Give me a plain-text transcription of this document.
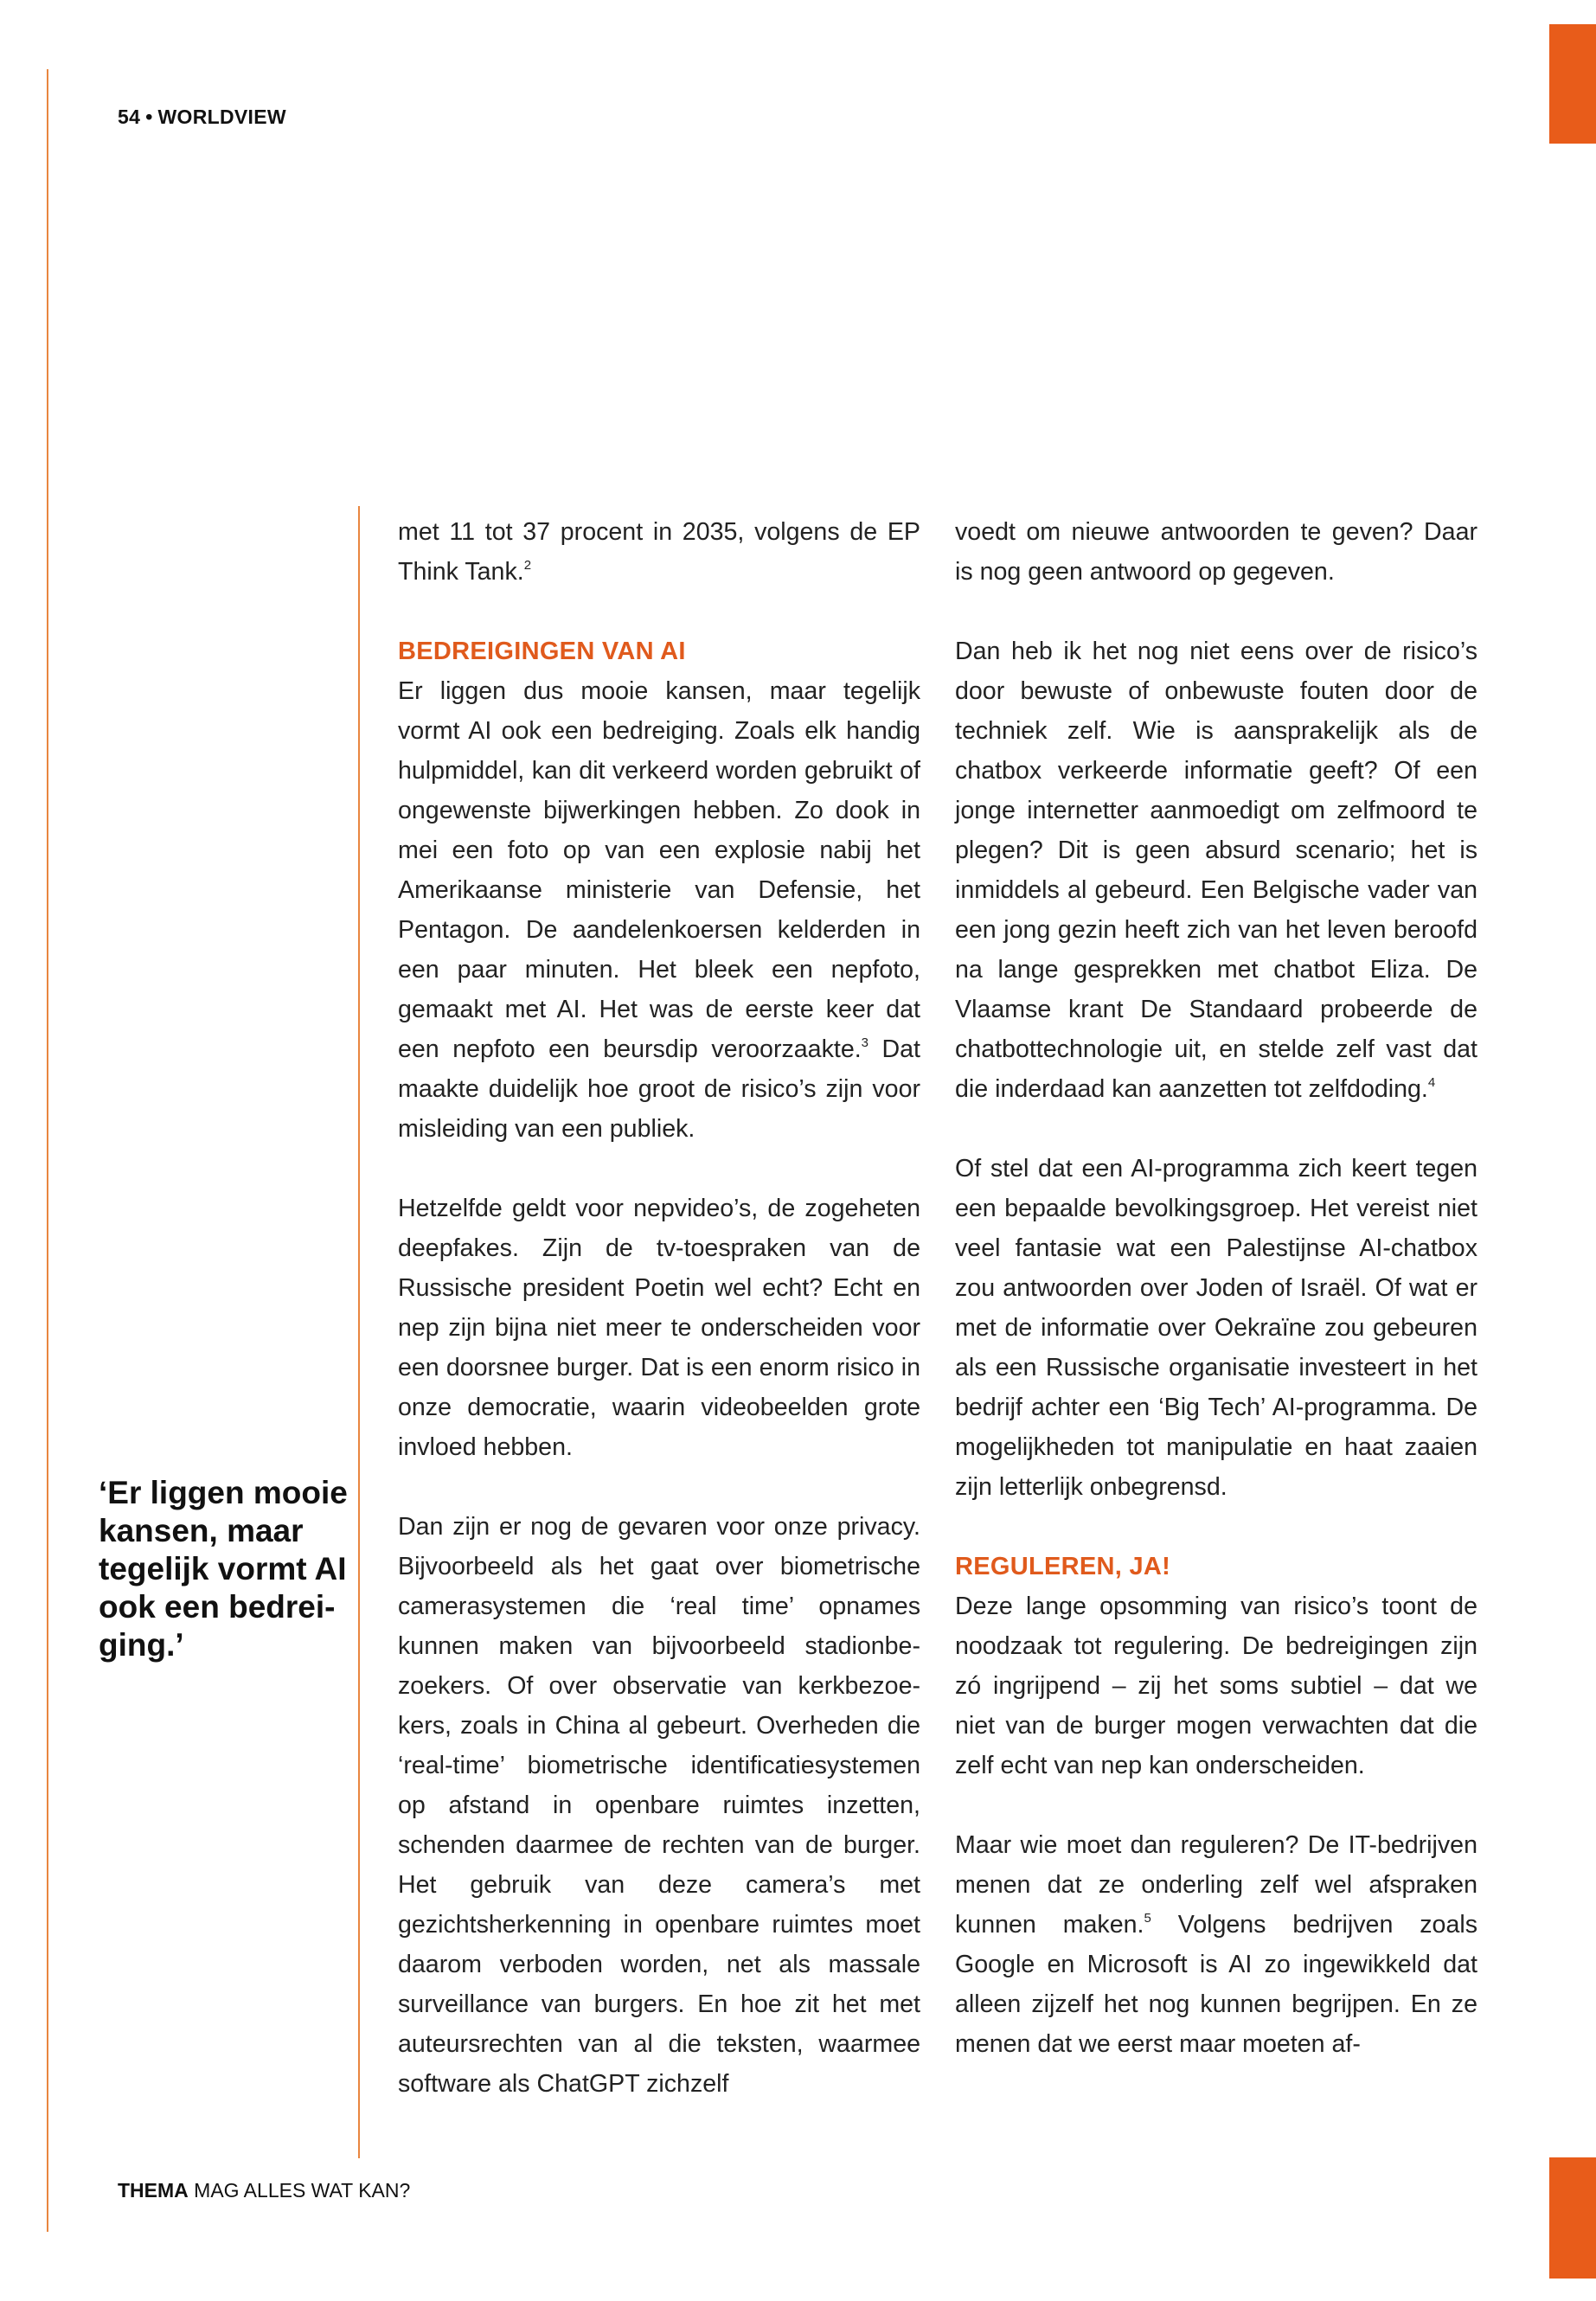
54 • WORLDVIEW
‘Er liggen mooie kansen, maar tegelijk vormt AI ook een bedreiging.’

met 11 tot 37 procent in 2035, volgens de EP Think Tank.$^2$

BEDREIGINGEN VAN AI

Er liggen dus mooie kansen, maar tegelijk vormt AI ook een bedreiging. Zoals elk handig hulpmiddel, kan dit verkeerd worden gebruikt of ongewenste bijwerkingen hebben. Zo dook in mei een foto op van een explosie nabij het Amerikaanse ministerie van Defensie, het Pentagon. De aandelenkoersen kelderden in een paar minuten. Het bleek een nepfoto, gemaakt met AI. Het was de eerste keer dat een nepfoto een beursdip veroorzaakte.$^3$ Dat maakte duidelijk hoe groot de risico’s zijn voor misleiding van een publiek.

Hetzelfde geldt voor nepvideo’s, de zogeheten deepfakes. Zijn de tv-toespraken van de Russische president Poetin wel echt? Echt en nep zijn bijna niet meer te onderscheiden voor een doorsnee burger. Dat is een enorm risico in onze democratie, waarin videobeelden grote invloed hebben.

Dan zijn er nog de gevaren voor onze privacy. Bijvoorbeeld als het gaat over biometrische camerasystemen die ‘real time’ opnames kunnen maken van bijvoorbeeld stadionbezoekers. Of over observatie van kerkbezoekers, zoals in China al gebeurt. Overheden die ‘real-time’ biometrische identificatiesystemen op afstand in openbare ruimtes inzetten, schenden daarmee de rechten van de burger. Het gebruik van deze camera’s met gezichtsherkenning in openbare ruimtes moet daarom verboden worden, net als massale surveillance van burgers. En hoe zit het met auteursrechten van al die teksten, waarmee software als ChatGPT zichzelf

voedt om nieuwe antwoorden te geven? Daar is nog geen antwoord op gegeven.

Dan heb ik het nog niet eens over de risico’s door bewuste of onbewuste fouten door de techniek zelf. Wie is aansprakelijk als de chatbox verkeerde informatie geeft? Of een jonge internetter aanmoedigt om zelfmoord te plegen? Dit is geen absurd scenario; het is inmiddels al gebeurd. Een Belgische vader van een jong gezin heeft zich van het leven beroofd na lange gesprekken met chatbot Eliza. De Vlaamse krant De Standaard probeerde de chatbottechnologie uit, en stelde zelf vast dat die inderdaad kan aanzetten tot zelfdoding.$^4$

Of stel dat een AI-programma zich keert tegen een bepaalde bevolkingsgroep. Het vereist niet veel fantasie wat een Palestijnse AI-chatbox zou antwoorden over Joden of Israël. Of wat er met de informatie over Oekraïne zou gebeuren als een Russische organisatie investeert in het bedrijf achter een ‘Big Tech’ AI-programma. De mogelijkheden tot manipulatie en haat zaaien zijn letterlijk onbegrensd.

REGULEREN, JA!

Deze lange opsomming van risico’s toont de noodzaak tot regulering. De bedreigingen zijn zó ingrijpend – zij het soms subtiel – dat we niet van de burger mogen verwachten dat die zelf echt van nep kan onderscheiden.

Maar wie moet dan reguleren? De IT-bedrijven menen dat ze onderling zelf wel afspraken kunnen maken.$^5$ Volgens bedrijven zoals Google en Microsoft is AI zo ingewikkeld dat alleen zijzelf het nog kunnen begrijpen. En ze menen dat we eerst maar moeten af-

THEMA MAG ALLES WAT KAN?
